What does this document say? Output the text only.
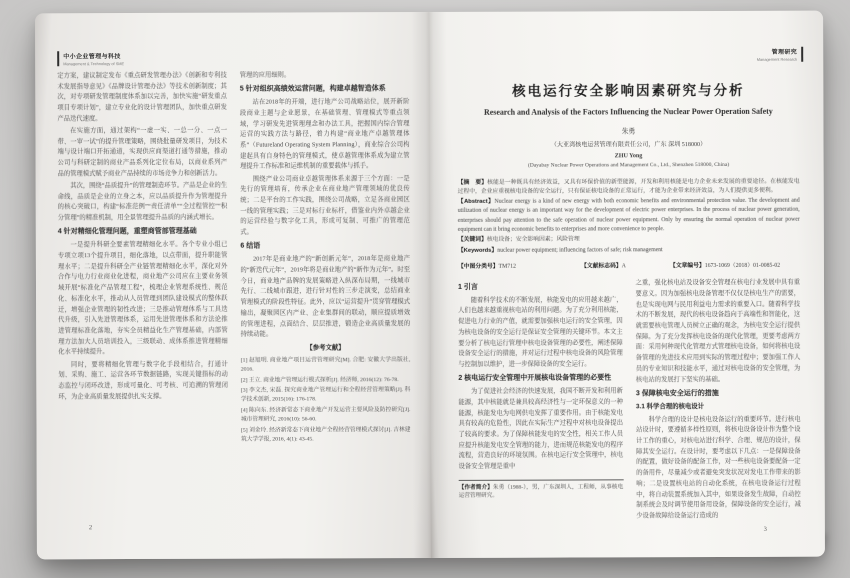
中小企业管理与科技
Management & Technology of SME

定方案，建议制定发布《重点研发管理办法》《创新和专利技术发展指导意见》《品牌设计管理办法》等技术创新制度；其次，对专项研发管理制度体系加以完善，加快实施“研发重点项目专项计划”，建立专业化的设计管理团队，加快重点研发产品迭代速度。

在实施方面，通过架构“一虚一实、一总一分、一点一带、一审一试”的提升管理策略，围绕批量研发项目，为技术端与设计端口开拓通道，实现供应商渠道打通等措施，推动公司与科研定制的商业产品系列化定位布局，以商业系列产品的管理模式赋予商业产品持续的市场竞争力和创新活力。

其次，围绕“品质提升”的管理制造环节。产品是企业的生命线，品质是企业的立身之本，应以品质提升作为管理提升的核心突破口，构建“标准范例”“责任清单”“全过程管控”“积分管理”的精准机制，用全景管理提升品质的内涵式增长。

4 针对精细化管理问题，重塑商管部管理基础

一是提升科研全要素管理精细化水平。各个专业小组已专项立项13个提升项目，细化落地，以点带面，提升职能管理水平；二是提升科研全产业链管理精细化水平，深化对外合作与电力行业商业化进程，商业地产公司应在主要业务领域开展“标准化产品管理工程”，梳理企业管理系统性、规范化、标准化水平，推动从人员管理到团队建设模式的整体跃迁，增强企业管理的韧性改进；三是推动管理体系与工具迭代升级，引入先进管理体系，运用先进管理体系和方法论推进管理标准化落地，夯实全员精益化生产管理基础，内部管理方法加大人员培训投入，三级联动、成体系推进管理精细化水平持续提升。

同时，要将精细化管理与数字化手段相结合，打通计划、采购、施工、运营各环节数据链路，实现关键指标的动态监控与闭环改进，形成可量化、可考核、可追溯的管理闭环，为企业高质量发展提供扎实支撑。

管理的应用细则。

5 针对组织高绩效运营问题，构建卓越智造体系

站在2018年的开端，进行地产公司战略站位，展开新阶段商业主题与企业愿景，在基础管理、管理模式等重点领域，学习研发先进管理理念和办法工具，把握国内综合管理运营的实践方法与路径，着力构建“商业地产卓越管理体系”（Futureland Operating System Planning），商业综合公司构建起具有自身特色的管理模式，使卓越管理体系成为建立管理提升工作标准和运维机制的重要载体与抓手。

围绕产业公司商业卓越管理体系来源于三个方面：一是先行的管理培育，传承企业在商业地产管理领域的优良传统；二是平台的工作实践，围绕公司战略，立足各商业园区一线的管理实践；三是对标行业标杆，借鉴业内外卓越企业的运营经验与数字化工具，形成可复制、可推广的管理范式。

6 结语

2017年是商业地产的“新创新元年”，2018年是商业地产的“新迭代元年”，2019年将是商业地产的“新作为元年”。时至今日，商业地产品牌的发展策略进入纵深布局期，一线城市先行、二线城市跟进，进行针对性的三步走演变，总结商业管理模式的阶段性特征。此外，应以“运营提升”贯穿管理模式输出，凝聚园区内产业、企业集群间的联动，顺应提质增效的管理进程，点面结合、层层推进，锻造企业高质量发展的持续动能。

【参考文献】

[1] 赵旭明. 商业地产项目运营管理研究[M]. 合肥: 安徽大学出版社, 2016.

[2] 王立. 商业地产管理运行模式探析[J]. 经济师, 2016(12): 76-78.

[3] 李文杰, 宋磊. 探究商业地产管理运行和全程经营管理策略[J]. 科学技术创新, 2015(16): 176-178.

[4] 陈向东. 经济新常态下商业地产开发运营主要风险及防控研究[J]. 城市管理研究, 2016(10): 56-60.

[5] 刘金玲. 经济新常态下商业地产全程经营管理模式探讨[J]. 吉林建筑大学学报, 2016, 4(1): 43-45.

2
管理研究
Management Research
核电运行安全影响因素研究与分析
Research and Analysis of the Factors Influencing the Nuclear Power Operation Safety
朱勇
（大亚湾核电运营管理有限责任公司，广东 深圳 518000）
ZHU Yong
(Dayabay Nuclear Power Operations and Management Co., Ltd., Shenzhen 518000, China)

【摘　要】核能是一种既具有经济效益，又具有环保价值的新型能源，开发和利用核能是电力企业未来发展的重要途径。在核能发电过程中，企业应重视核电设备的安全运行，只有保证核电设备的正常运行，才能为企业带来经济效益，为人们提供更多便利。

【Abstract】Nuclear energy is a kind of new energy with both economic benefits and environmental protection value. The development and utilization of nuclear energy is an important way for the development of electric power enterprises. In the process of nuclear power generation, enterprises should pay attention to the safe operation of nuclear power equipment. Only by ensuring the normal operation of nuclear power equipment can it bring economic benefits to enterprises and more convenience to people.

【关键词】核电设备；安全影响因素；风险管理

【Keywords】nuclear power equipment; influencing factors of safe; risk management

【中图分类号】TM712	【文献标志码】A	【文章编号】1673-1069（2018）01-0085-02
1 引言

随着科学技术的不断发展，核能发电的应用越来越广，人们也越来越重视核电站的利用问题。为了充分利用核能，促进电力行业的产值，就需要加强核电运行的安全管理，因为核电设备的安全运行是保证安全管理的关键环节。本文主要分析了核电运行管理中核电设备管理的必要性，阐述保障设备安全运行的措施，并对运行过程中核电设备的风险管理与控制加以维护，进一步保障设备的安全运行。

2 核电运行安全管理中开展核电设备管理的必要性

为了促进社会经济的快速发展，我国不断开发和利用新能源，其中核能就是兼具较高经济性与一定环保意义的一种能源，核能发电为电网供电发挥了重要作用。由于核能发电具有较高的危险性，因此在实际生产过程中对核电设备提出了较高的要求。为了保障核能发电的安全性，相关工作人员应提升核能发电安全管理的能力，进而规范核能发电的程序流程，营造良好的环境氛围。在核电运行安全管理中，核电设备安全管理是重中

【作者简介】朱勇（1988-），男，广东深圳人，工程师，从事核电运营管理研究。

之重，强化核电站及设备安全管理在核电行业发展中具有重要意义。因为加强核电设备管理不仅仅是核电生产的需要，也是实现电网与民用利益电力需求的重要入口。随着科学技术的不断发展，现代的核电设备趋向于高端性和智能化，这就需要核电管理人员树立正确的观念，为核电安全运行提供保障。为了充分发挥核电设备的现代化管理，更要考虑两方面：采用何种现代化管理方式管理核电设备，如何将核电设备管理的先进技术应用到实际的管理过程中；要加强工作人员的专业知识和技能水平，通过对核电设备的安全管理，为核电站的发展打下坚实的基础。

3 保障核电安全运行的措施
3.1 科学合理的核电设计

科学合理的设计是核电设备运行的重要环节。进行核电站设计时，要遵循多样性原则，将核电设备设计作为整个设计工作的重心，对核电站进行科学、合理、规范的设计，保障其安全运行。在设计时，要考虑以下几点：一是保障设备的配置，做好设备的配备工作，对一些核电设备要配备一定的备用件，尽量减少或者避免突发状况对发电工作带来的影响；二是设置核电站的自动化系统，在核电设备运行过程中，将自动装置系统加入其中，如果设备发生故障，自动控制系统会及时调节使用备用设备，保障设备的安全运行，减少设备故障给设备运行造成的

3
